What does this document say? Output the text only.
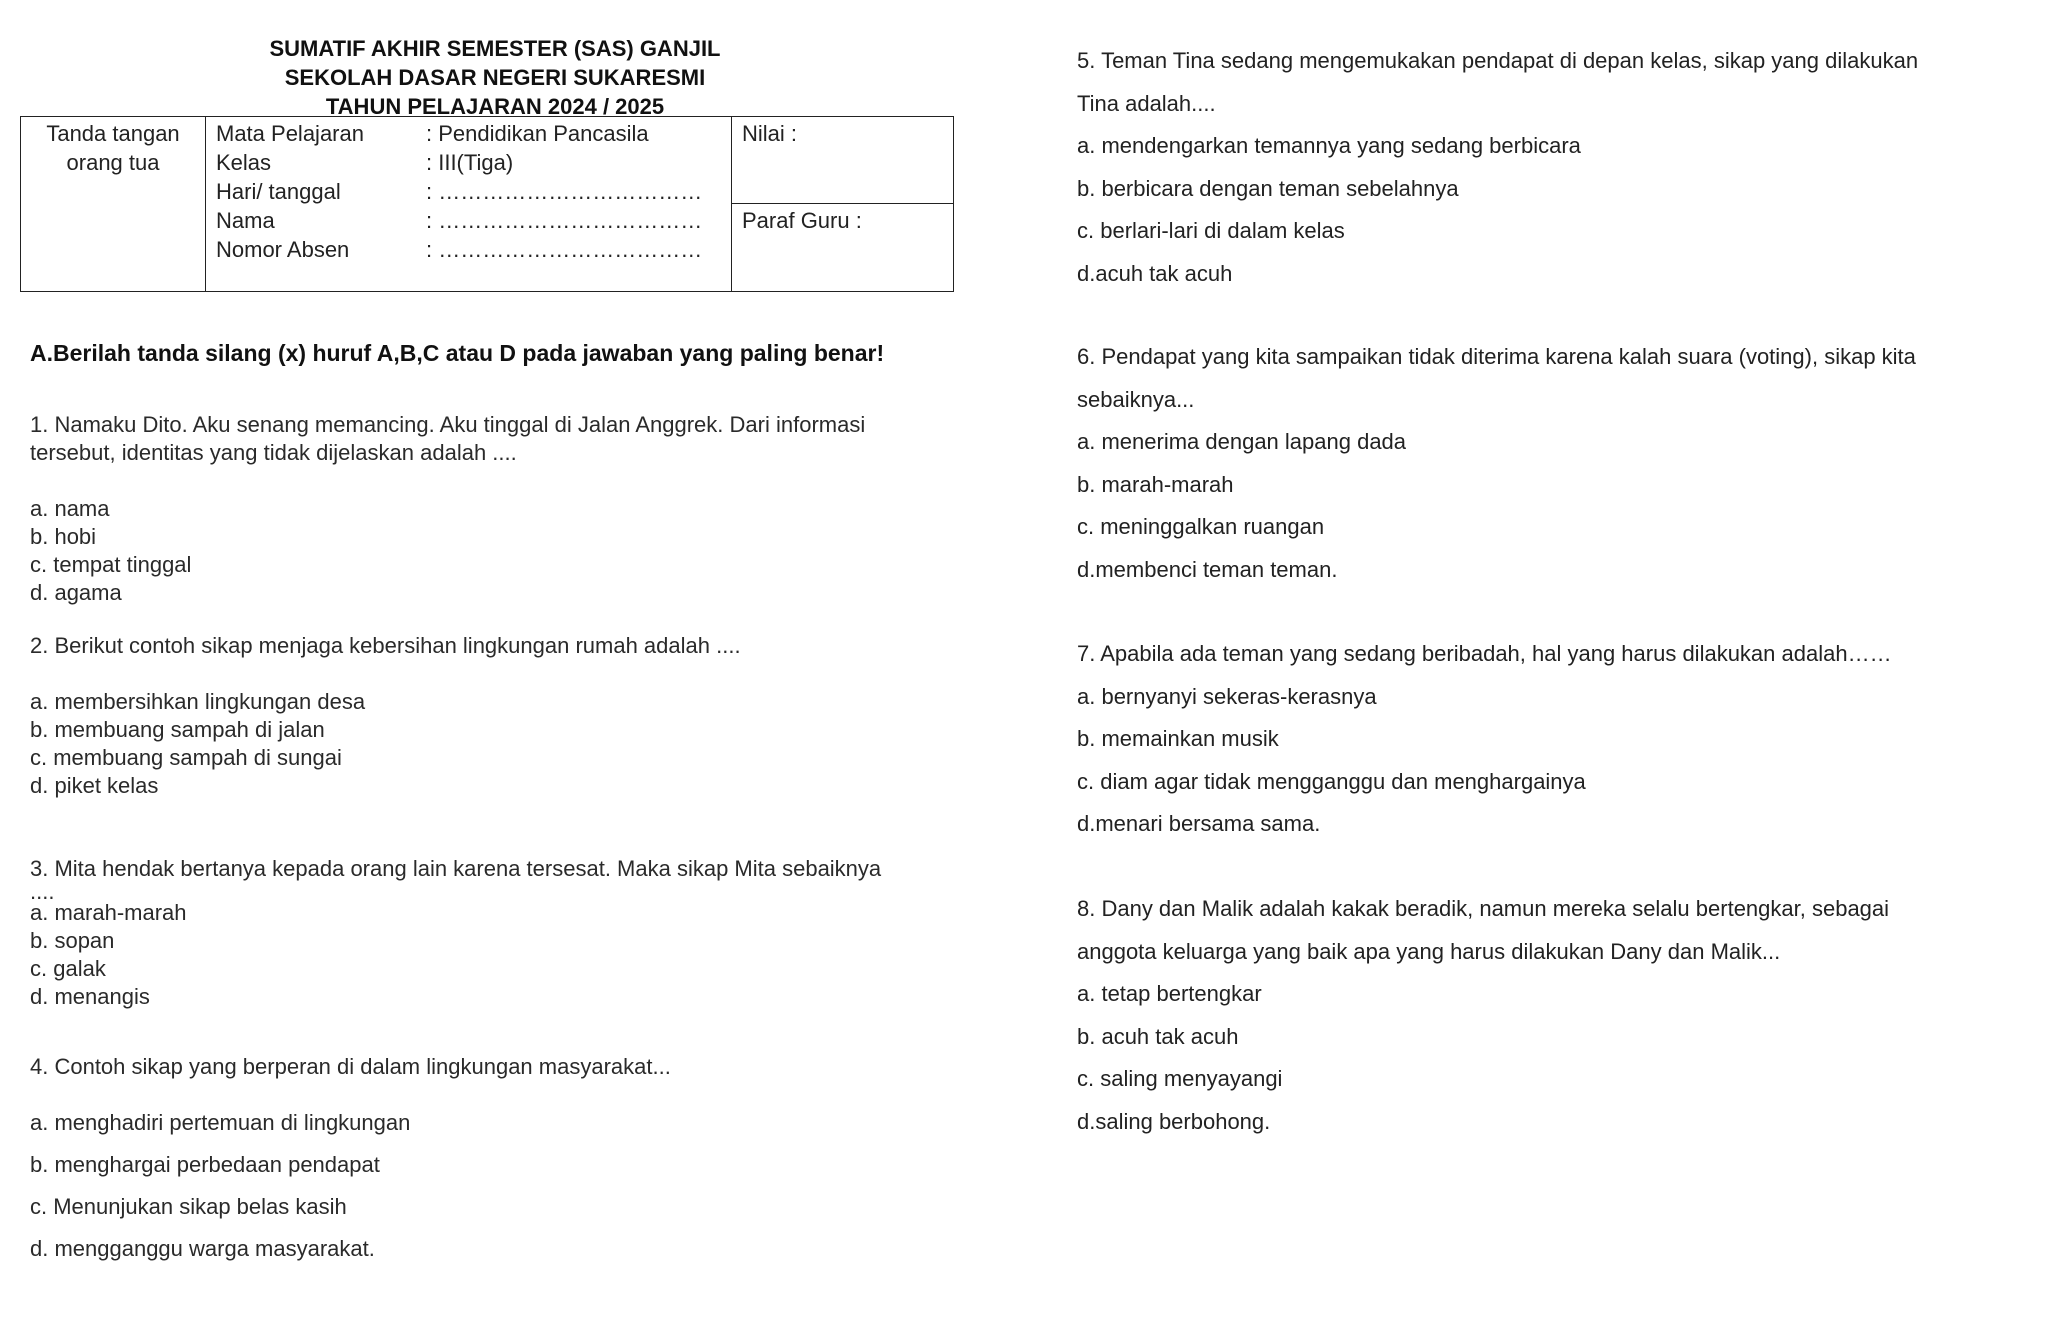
SUMATIF AKHIR SEMESTER (SAS) GANJIL
SEKOLAH DASAR NEGERI SUKARESMI
TAHUN PELAJARAN 2024 / 2025
Tanda tangan
orang tua

Mata Pelajaran	: Pendidikan Pancasila
Kelas	: III(Tiga)
Hari/ tanggal	: ………………………………
Nama	: ………………………………
Nomor Absen	: ………………………………
	Nilai :
Paraf Guru :
A.Berilah tanda silang (x) huruf A,B,C atau D pada jawaban yang paling benar!
1. Namaku Dito. Aku senang memancing. Aku tinggal di Jalan Anggrek. Dari informasi
tersebut, identitas yang tidak dijelaskan adalah ....
a. nama
b. hobi
c. tempat tinggal
d. agama
2. Berikut contoh sikap menjaga kebersihan lingkungan rumah adalah ....
a. membersihkan lingkungan desa
b. membuang sampah di jalan
c. membuang sampah di sungai
d. piket kelas
3. Mita hendak bertanya kepada orang lain karena tersesat. Maka sikap Mita sebaiknya
....
a. marah-marah
b. sopan
c. galak
d. menangis
4. Contoh sikap yang berperan di dalam lingkungan masyarakat...
a. menghadiri pertemuan di lingkungan
b. menghargai perbedaan pendapat
c. Menunjukan sikap belas kasih
d. mengganggu warga masyarakat.
5. Teman Tina sedang mengemukakan pendapat di depan kelas, sikap yang dilakukan
Tina adalah....
a. mendengarkan temannya yang sedang berbicara
b. berbicara dengan teman sebelahnya
c. berlari-lari di dalam kelas
d.acuh tak acuh
6. Pendapat yang kita sampaikan tidak diterima karena kalah suara (voting), sikap kita
sebaiknya...
a. menerima dengan lapang dada
b. marah-marah
c. meninggalkan ruangan
d.membenci teman teman.
7. Apabila ada teman yang sedang beribadah, hal yang harus dilakukan adalah……
a. bernyanyi sekeras-kerasnya
b. memainkan musik
c. diam agar tidak mengganggu dan menghargainya
d.menari bersama sama.
8. Dany dan Malik adalah kakak beradik, namun mereka selalu bertengkar, sebagai
anggota keluarga yang baik apa yang harus dilakukan Dany dan Malik...
a. tetap bertengkar
b. acuh tak acuh
c. saling menyayangi
d.saling berbohong.
